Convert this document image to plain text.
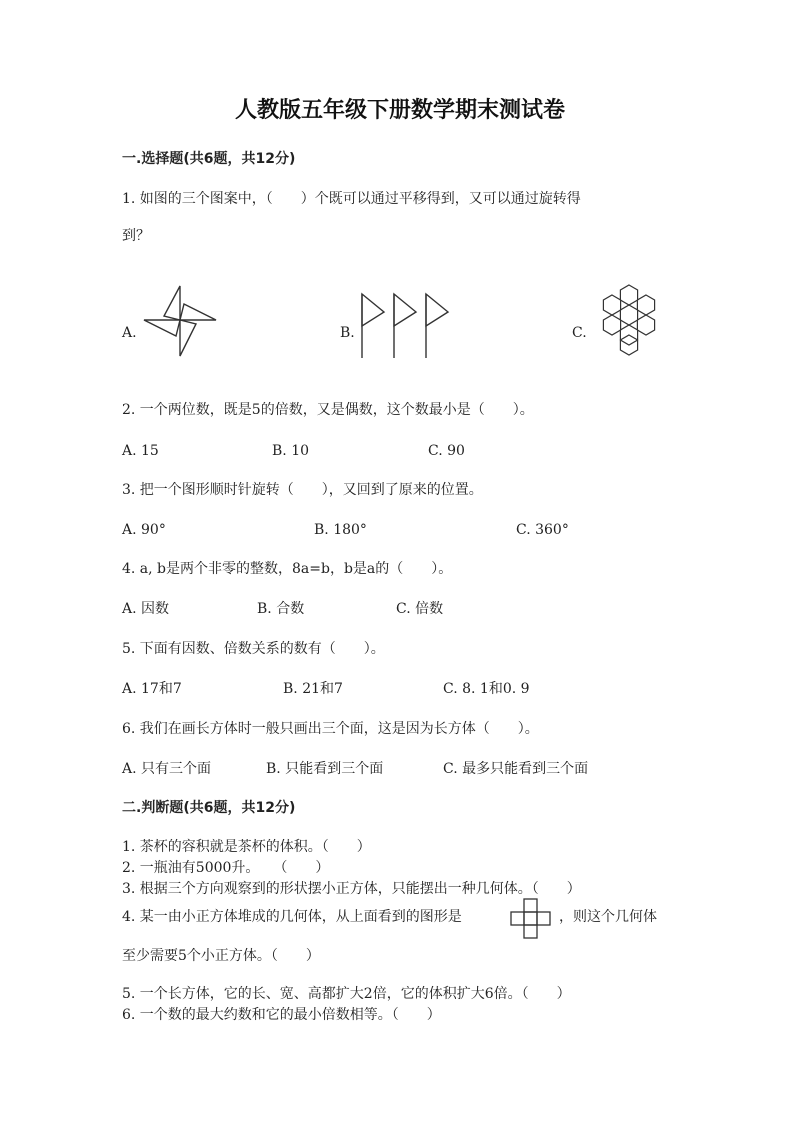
人教版五年级下册数学期末测试卷
一.选择题(共6题，共12分)
1. 如图的三个图案中，（　　）个既可以通过平移得到，又可以通过旋转得
到？
A.	B.	C.
2. 一个两位数，既是5的倍数，又是偶数，这个数最小是（　　）。
A. 15	B. 10	C. 90
3. 把一个图形顺时针旋转（　　），又回到了原来的位置。
A. 90°	B. 180°	C. 360°
4. a, b是两个非零的整数，8a=b，b是a的（　　）。
A. 因数	B. 合数	C. 倍数
5. 下面有因数、倍数关系的数有（　　）。
A. 17和7	B. 21和7	C. 8. 1和0. 9
6. 我们在画长方体时一般只画出三个面，这是因为长方体（　　）。
A. 只有三个面	B. 只能看到三个面	C. 最多只能看到三个面
二.判断题(共6题，共12分)
1. 茶杯的容积就是茶杯的体积。（　　）
2. 一瓶油有5000升。　　（　　）
3. 根据三个方向观察到的形状摆小正方体，只能摆出一种几何体。（　　）
4. 某一由小正方体堆成的几何体，从上面看到的图形是	，则这个几何体
至少需要5个小正方体。（　　）
5. 一个长方体，它的长、宽、高都扩大2倍，它的体积扩大6倍。（　　）
6. 一个数的最大约数和它的最小倍数相等。（　　）
